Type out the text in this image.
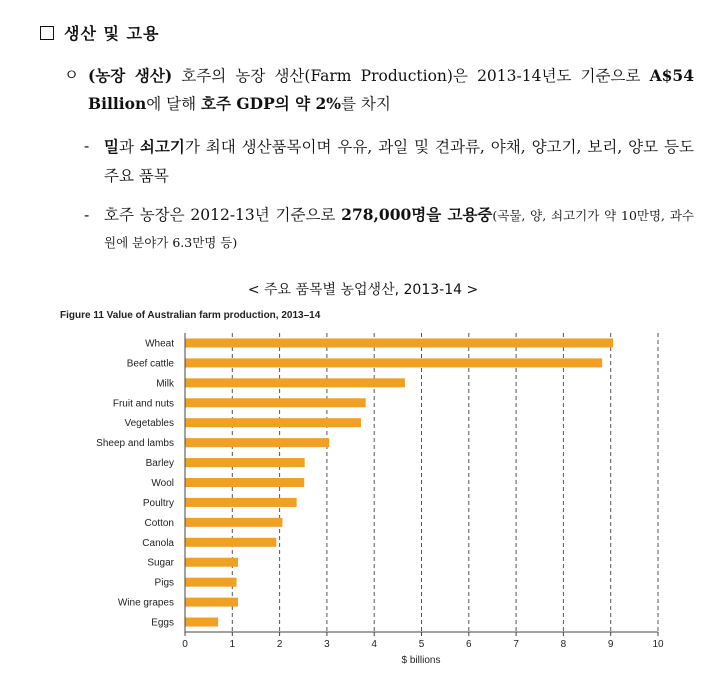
생산 및 고용
ㅇ (농장 생산) 호주의 농장 생산(Farm Production)은 2013-14년도 기준으로 A$54 Billion에 달해 호주 GDP의 약 2%를 차지
- 밀과 쇠고기가 최대 생산품목이며 우유, 과일 및 견과류, 야채, 양고기, 보리, 양모 등도 주요 품목
- 호주 농장은 2012-13년 기준으로 278,000명을 고용중(곡물, 양, 쇠고기가 약 10만명, 과수원에 분야가 6.3만명 등)
< 주요 품목별 농업생산, 2013-14 >
Figure 11 Value of Australian farm production, 2013–14
Wheat
Beef cattle
Milk
Fruit and nuts
Vegetables
Sheep and lambs
Barley
Wool
Poultry
Cotton
Canola
Sugar
Pigs
Wine grapes
Eggs
0	1	2	3	4	5	6	7	8	9	10
$ billions
